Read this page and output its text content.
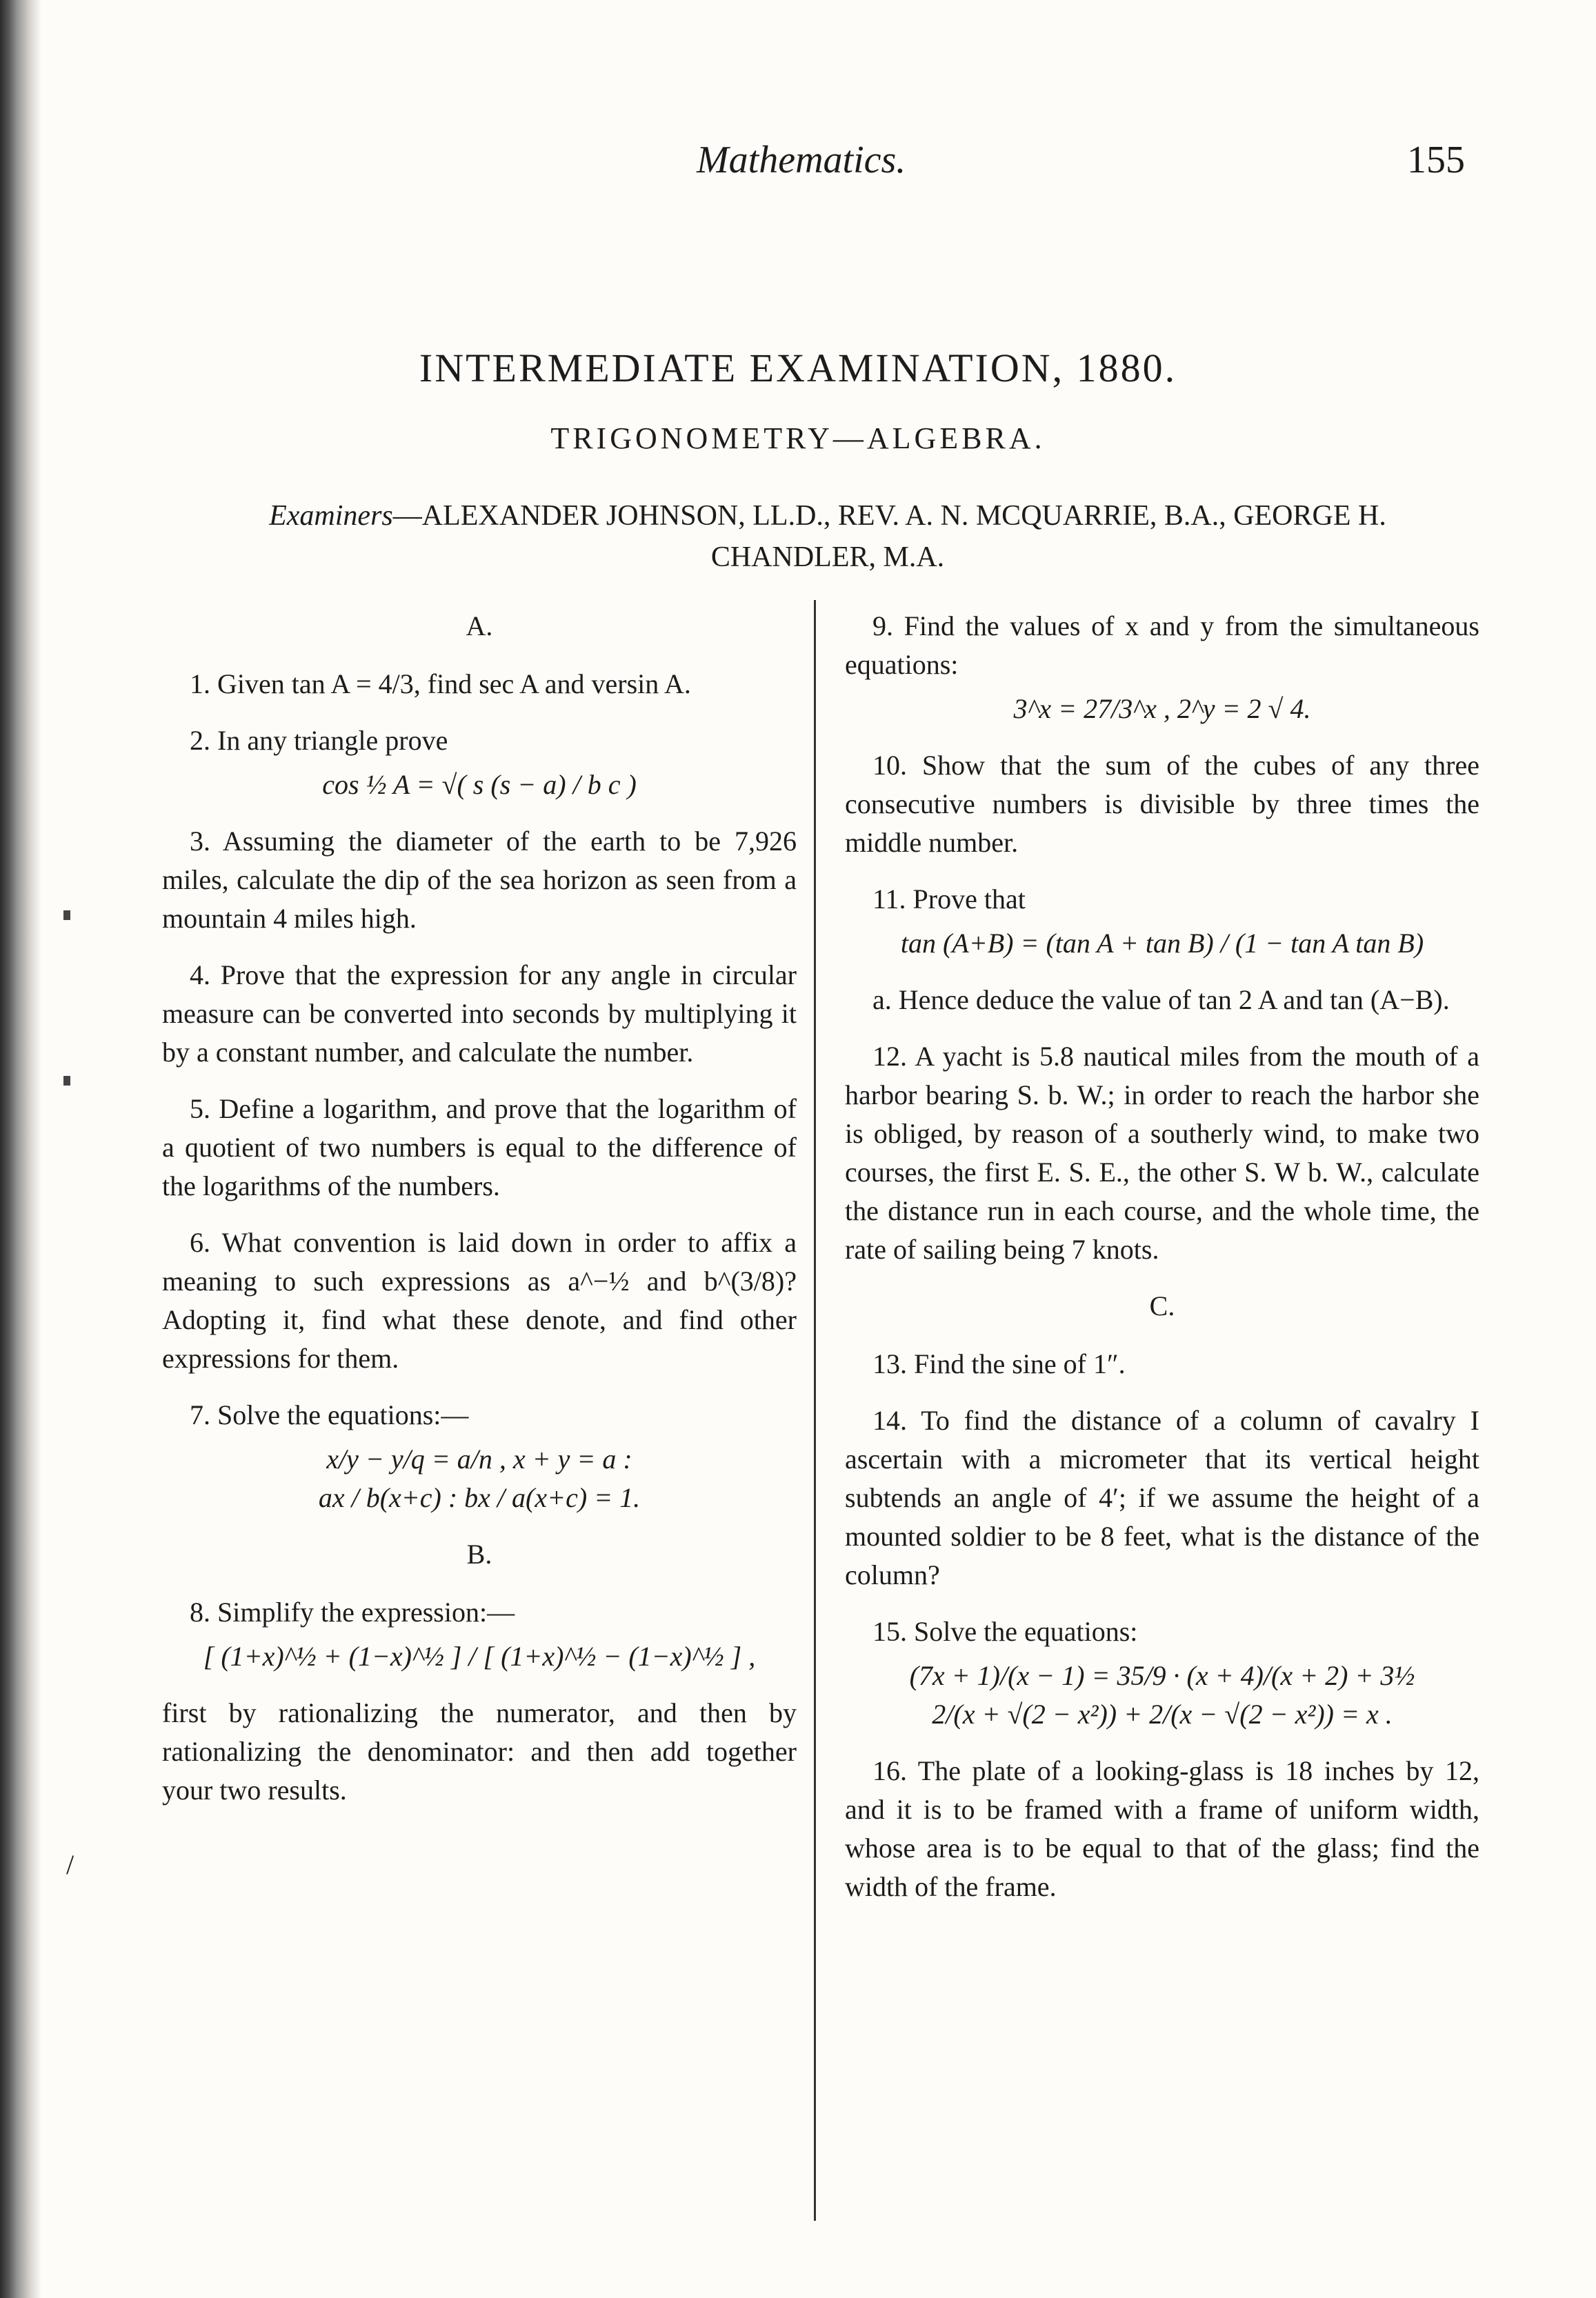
/
Mathematics.	155
INTERMEDIATE EXAMINATION, 1880.
TRIGONOMETRY—ALGEBRA.
Examiners—ALEXANDER JOHNSON, LL.D., REV. A. N. MCQUARRIE, B.A., GEORGE H. CHANDLER, M.A.
A.

1. Given tan A = 4/3, find sec A and versin A.

2. In any triangle prove

cos ½ A = √( s (s − a) / b c )

3. Assuming the diameter of the earth to be 7,926 miles, calculate the dip of the sea horizon as seen from a mountain 4 miles high.

4. Prove that the expression for any angle in circular measure can be converted into seconds by multiplying it by a constant number, and calculate the number.

5. Define a logarithm, and prove that the logarithm of a quotient of two numbers is equal to the difference of the logarithms of the numbers.

6. What convention is laid down in order to affix a meaning to such expressions as a^−½ and b^(3/8)? Adopting it, find what these denote, and find other expressions for them.

7. Solve the equations:—

x/y − y/q = a/n , x + y = a :
ax / b(x+c) : bx / a(x+c) = 1.
B.

8. Simplify the expression:—

[ (1+x)^½ + (1−x)^½ ] / [ (1+x)^½ − (1−x)^½ ] ,

first by rationalizing the numerator, and then by rationalizing the denominator: and then add together your two results.

9. Find the values of x and y from the simultaneous equations:

3^x = 27/3^x , 2^y = 2 √ 4.

10. Show that the sum of the cubes of any three consecutive numbers is divisible by three times the middle number.

11. Prove that

tan (A+B) = (tan A + tan B) / (1 − tan A tan B)

a. Hence deduce the value of tan 2 A and tan (A−B).

12. A yacht is 5.8 nautical miles from the mouth of a harbor bearing S. b. W.; in order to reach the harbor she is obliged, by reason of a southerly wind, to make two courses, the first E. S. E., the other S. W b. W., calculate the distance run in each course, and the whole time, the rate of sailing being 7 knots.

C.

13. Find the sine of 1″.

14. To find the distance of a column of cavalry I ascertain with a micrometer that its vertical height subtends an angle of 4′; if we assume the height of a mounted soldier to be 8 feet, what is the distance of the column?

15. Solve the equations:

(7x + 1)/(x − 1) = 35/9 · (x + 4)/(x + 2) + 3½
2/(x + √(2 − x²)) + 2/(x − √(2 − x²)) = x .

16. The plate of a looking-glass is 18 inches by 12, and it is to be framed with a frame of uniform width, whose area is to be equal to that of the glass; find the width of the frame.
